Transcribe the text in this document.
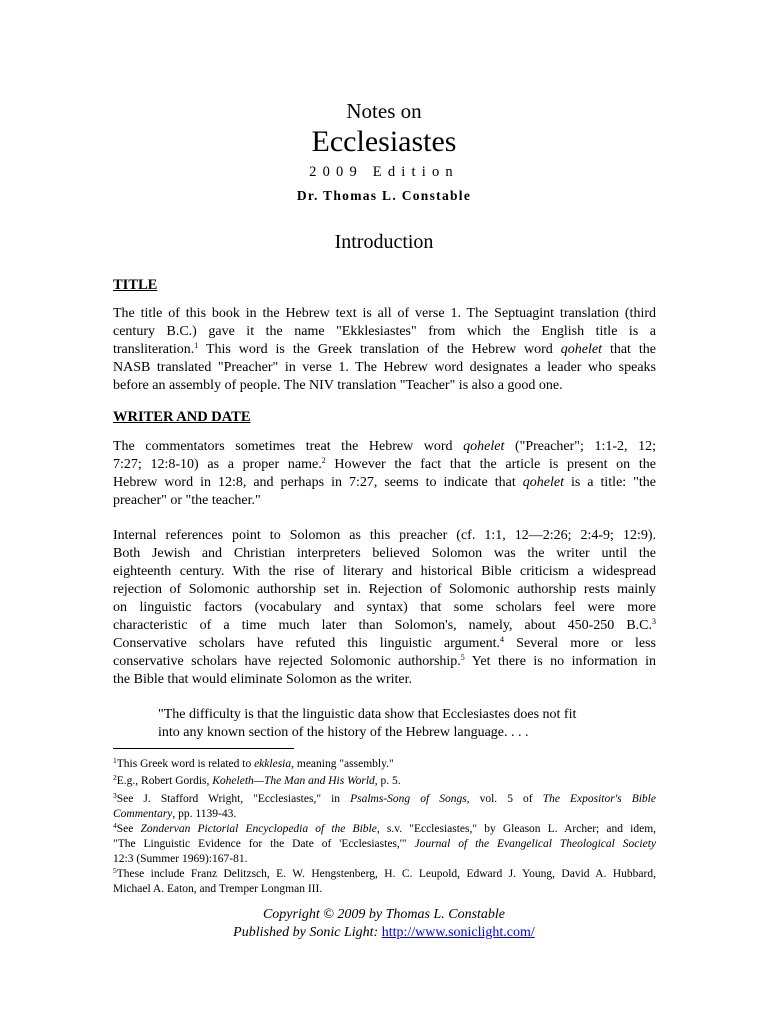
Notes on
Ecclesiastes
2009 Edition
Dr. Thomas L. Constable
Introduction
TITLE
The title of this book in the Hebrew text is all of verse 1. The Septuagint translation (third
century B.C.) gave it the name "Ekklesiastes" from which the English title is a
transliteration.$^1$ This word is the Greek translation of the Hebrew word qohelet that the
NASB translated "Preacher" in verse 1. The Hebrew word designates a leader who speaks
before an assembly of people. The NIV translation "Teacher" is also a good one.
WRITER AND DATE
The commentators sometimes treat the Hebrew word qohelet ("Preacher"; 1:1-2, 12;
7:27; 12:8-10) as a proper name.$^2$ However the fact that the article is present on the
Hebrew word in 12:8, and perhaps in 7:27, seems to indicate that qohelet is a title: "the
preacher" or "the teacher."
Internal references point to Solomon as this preacher (cf. 1:1, 12—2:26; 2:4-9; 12:9).
Both Jewish and Christian interpreters believed Solomon was the writer until the
eighteenth century. With the rise of literary and historical Bible criticism a widespread
rejection of Solomonic authorship set in. Rejection of Solomonic authorship rests mainly
on linguistic factors (vocabulary and syntax) that some scholars feel were more
characteristic of a time much later than Solomon's, namely, about 450-250 B.C.$^3$
Conservative scholars have refuted this linguistic argument.$^4$ Several more or less
conservative scholars have rejected Solomonic authorship.$^5$ Yet there is no information in
the Bible that would eliminate Solomon as the writer.
"The difficulty is that the linguistic data show that Ecclesiastes does not fit
into any known section of the history of the Hebrew language. . . .
$^1$This Greek word is related to ekklesia, meaning "assembly."
$^2$E.g., Robert Gordis, Koheleth—The Man and His World, p. 5.
$^3$See J. Stafford Wright, "Ecclesiastes," in Psalms-Song of Songs, vol. 5 of The Expositor's Bible
Commentary, pp. 1139-43.
$^4$See Zondervan Pictorial Encyclopedia of the Bible, s.v. "Ecclesiastes," by Gleason L. Archer; and idem,
"The Linguistic Evidence for the Date of 'Ecclesiastes,'" Journal of the Evangelical Theological Society
12:3 (Summer 1969):167-81.
$^5$These include Franz Delitzsch, E. W. Hengstenberg, H. C. Leupold, Edward J. Young, David A. Hubbard,
Michael A. Eaton, and Tremper Longman III.
Copyright © 2009 by Thomas L. Constable
Published by Sonic Light: http://www.soniclight.com/
